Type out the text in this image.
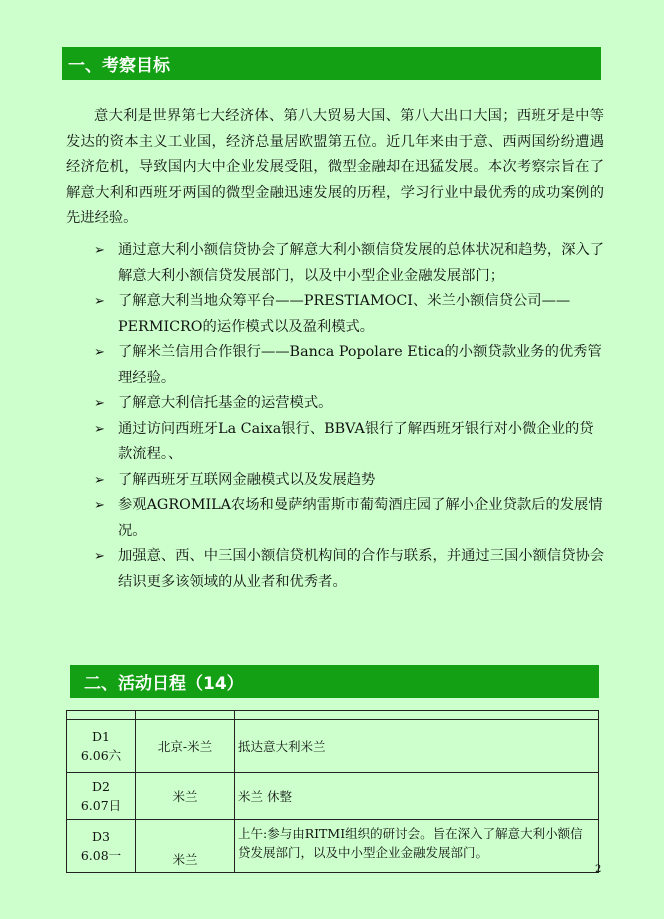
一、考察目标

意大利是世界第七大经济体、第八大贸易大国、第八大出口大国；西班牙是中等发达的资本主义工业国，经济总量居欧盟第五位。近几年来由于意、西两国纷纷遭遇经济危机，导致国内大中企业发展受阻，微型金融却在迅猛发展。本次考察宗旨在了解意大利和西班牙两国的微型金融迅速发展的历程，学习行业中最优秀的成功案例的先进经验。

➢ 通过意大利小额信贷协会了解意大利小额信贷发展的总体状况和趋势，深入了解意大利小额信贷发展部门，以及中小型企业金融发展部门；
➢ 了解意大利当地众筹平台——PRESTIAMOCI、米兰小额信贷公司——PERMICRO的运作模式以及盈利模式。
➢ 了解米兰信用合作银行——Banca Popolare Etica的小额贷款业务的优秀管理经验。
➢ 了解意大利信托基金的运营模式。
➢ 通过访问西班牙La Caixa银行、BBVA银行了解西班牙银行对小微企业的贷款流程。、
➢ 了解西班牙互联网金融模式以及发展趋势
➢ 参观AGROMILA农场和曼萨纳雷斯市葡萄酒庄园了解小企业贷款后的发展情况。
➢ 加强意、西、中三国小额信贷机构间的合作与联系，并通过三国小额信贷协会结识更多该领域的从业者和优秀者。
二、活动日程（14）

D1
6.06六	北京-米兰	抵达意大利米兰

D2
6.07日	米兰	米兰 休整

D3
6.08一	米兰	上午:参与由RITMI组织的研讨会。旨在深入了解意大利小额信贷发展部门，以及中小型企业金融发展部门。
2
